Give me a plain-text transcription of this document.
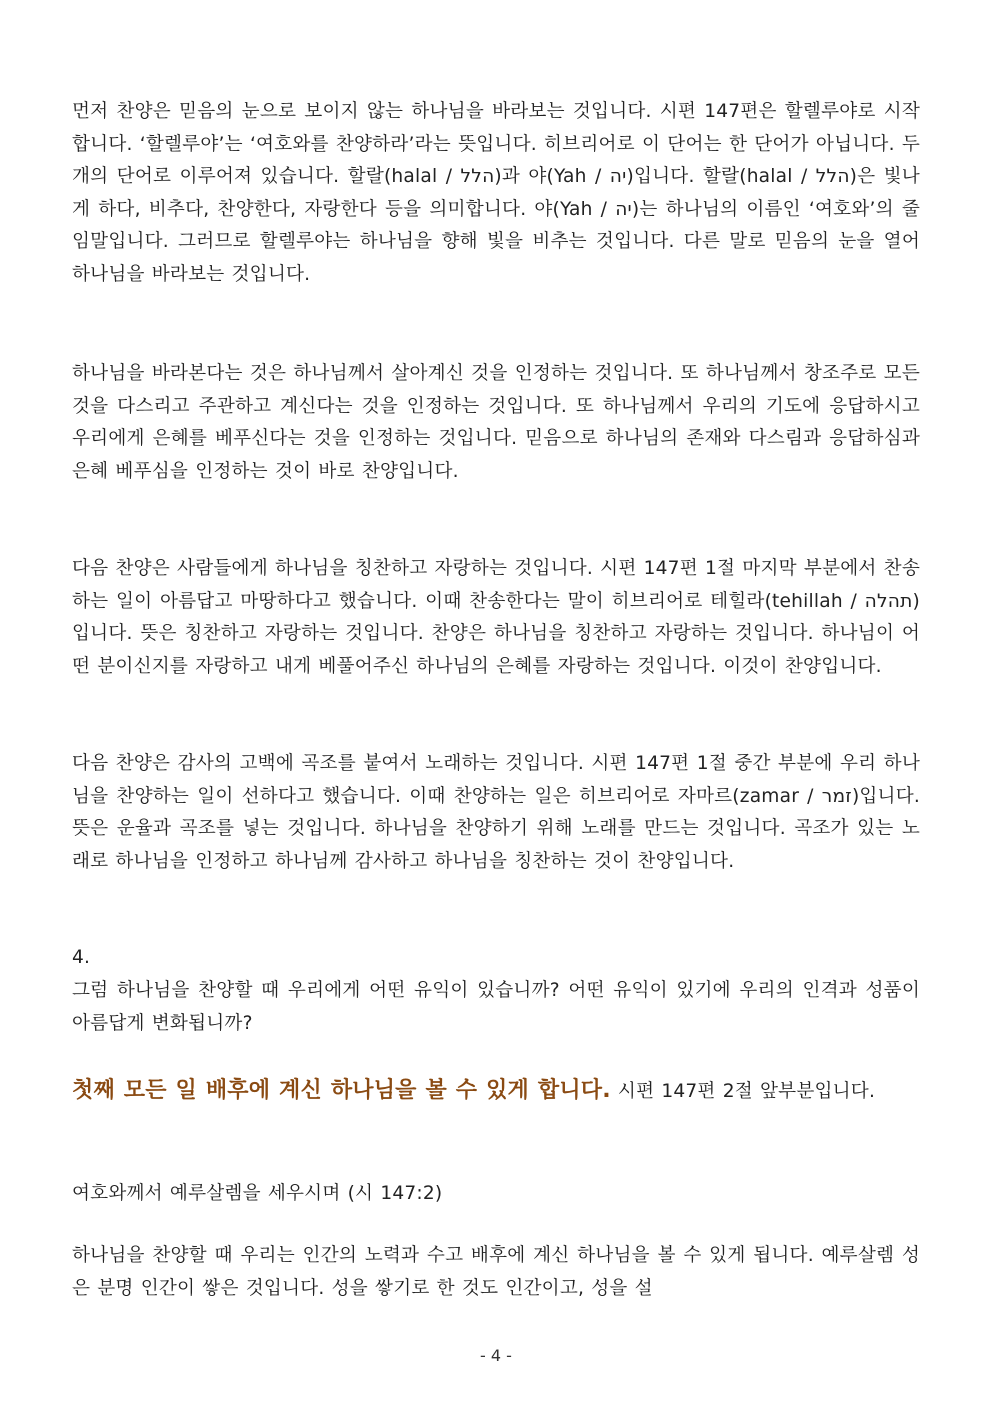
먼저 찬양은 믿음의 눈으로 보이지 않는 하나님을 바라보는 것입니다. 시편 147편은 할렐루야로 시작합니다. ‘할렐루야’는 ‘여호와를 찬양하라’라는 뜻입니다. 히브리어로 이 단어는 한 단어가 아닙니다. 두 개의 단어로 이루어져 있습니다. 할랄(halal / הלל)과 야(Yah / יה)입니다. 할랄(halal / הלל)은 빛나게 하다, 비추다, 찬양한다, 자랑한다 등을 의미합니다. 야(Yah / יה)는 하나님의 이름인 ‘여호와’의 줄임말입니다. 그러므로 할렐루야는 하나님을 향해 빛을 비추는 것입니다. 다른 말로 믿음의 눈을 열어 하나님을 바라보는 것입니다.

하나님을 바라본다는 것은 하나님께서 살아계신 것을 인정하는 것입니다. 또 하나님께서 창조주로 모든 것을 다스리고 주관하고 계신다는 것을 인정하는 것입니다. 또 하나님께서 우리의 기도에 응답하시고 우리에게 은혜를 베푸신다는 것을 인정하는 것입니다. 믿음으로 하나님의 존재와 다스림과 응답하심과 은혜 베푸심을 인정하는 것이 바로 찬양입니다.

다음 찬양은 사람들에게 하나님을 칭찬하고 자랑하는 것입니다. 시편 147편 1절 마지막 부분에서 찬송하는 일이 아름답고 마땅하다고 했습니다. 이때 찬송한다는 말이 히브리어로 테힐라(tehillah / תהלה)입니다. 뜻은 칭찬하고 자랑하는 것입니다. 찬양은 하나님을 칭찬하고 자랑하는 것입니다. 하나님이 어떤 분이신지를 자랑하고 내게 베풀어주신 하나님의 은혜를 자랑하는 것입니다. 이것이 찬양입니다.

다음 찬양은 감사의 고백에 곡조를 붙여서 노래하는 것입니다. 시편 147편 1절 중간 부분에 우리 하나님을 찬양하는 일이 선하다고 했습니다. 이때 찬양하는 일은 히브리어로 자마르(zamar / זמר)입니다. 뜻은 운율과 곡조를 넣는 것입니다. 하나님을 찬양하기 위해 노래를 만드는 것입니다. 곡조가 있는 노래로 하나님을 인정하고 하나님께 감사하고 하나님을 칭찬하는 것이 찬양입니다.

4.

그럼 하나님을 찬양할 때 우리에게 어떤 유익이 있습니까? 어떤 유익이 있기에 우리의 인격과 성품이 아름답게 변화됩니까?

첫째 모든 일 배후에 계신 하나님을 볼 수 있게 합니다. 시편 147편 2절 앞부분입니다.

여호와께서 예루살렘을 세우시며 (시 147:2)

하나님을 찬양할 때 우리는 인간의 노력과 수고 배후에 계신 하나님을 볼 수 있게 됩니다. 예루살렘 성은 분명 인간이 쌓은 것입니다. 성을 쌓기로 한 것도 인간이고, 성을 설

- 4 -
